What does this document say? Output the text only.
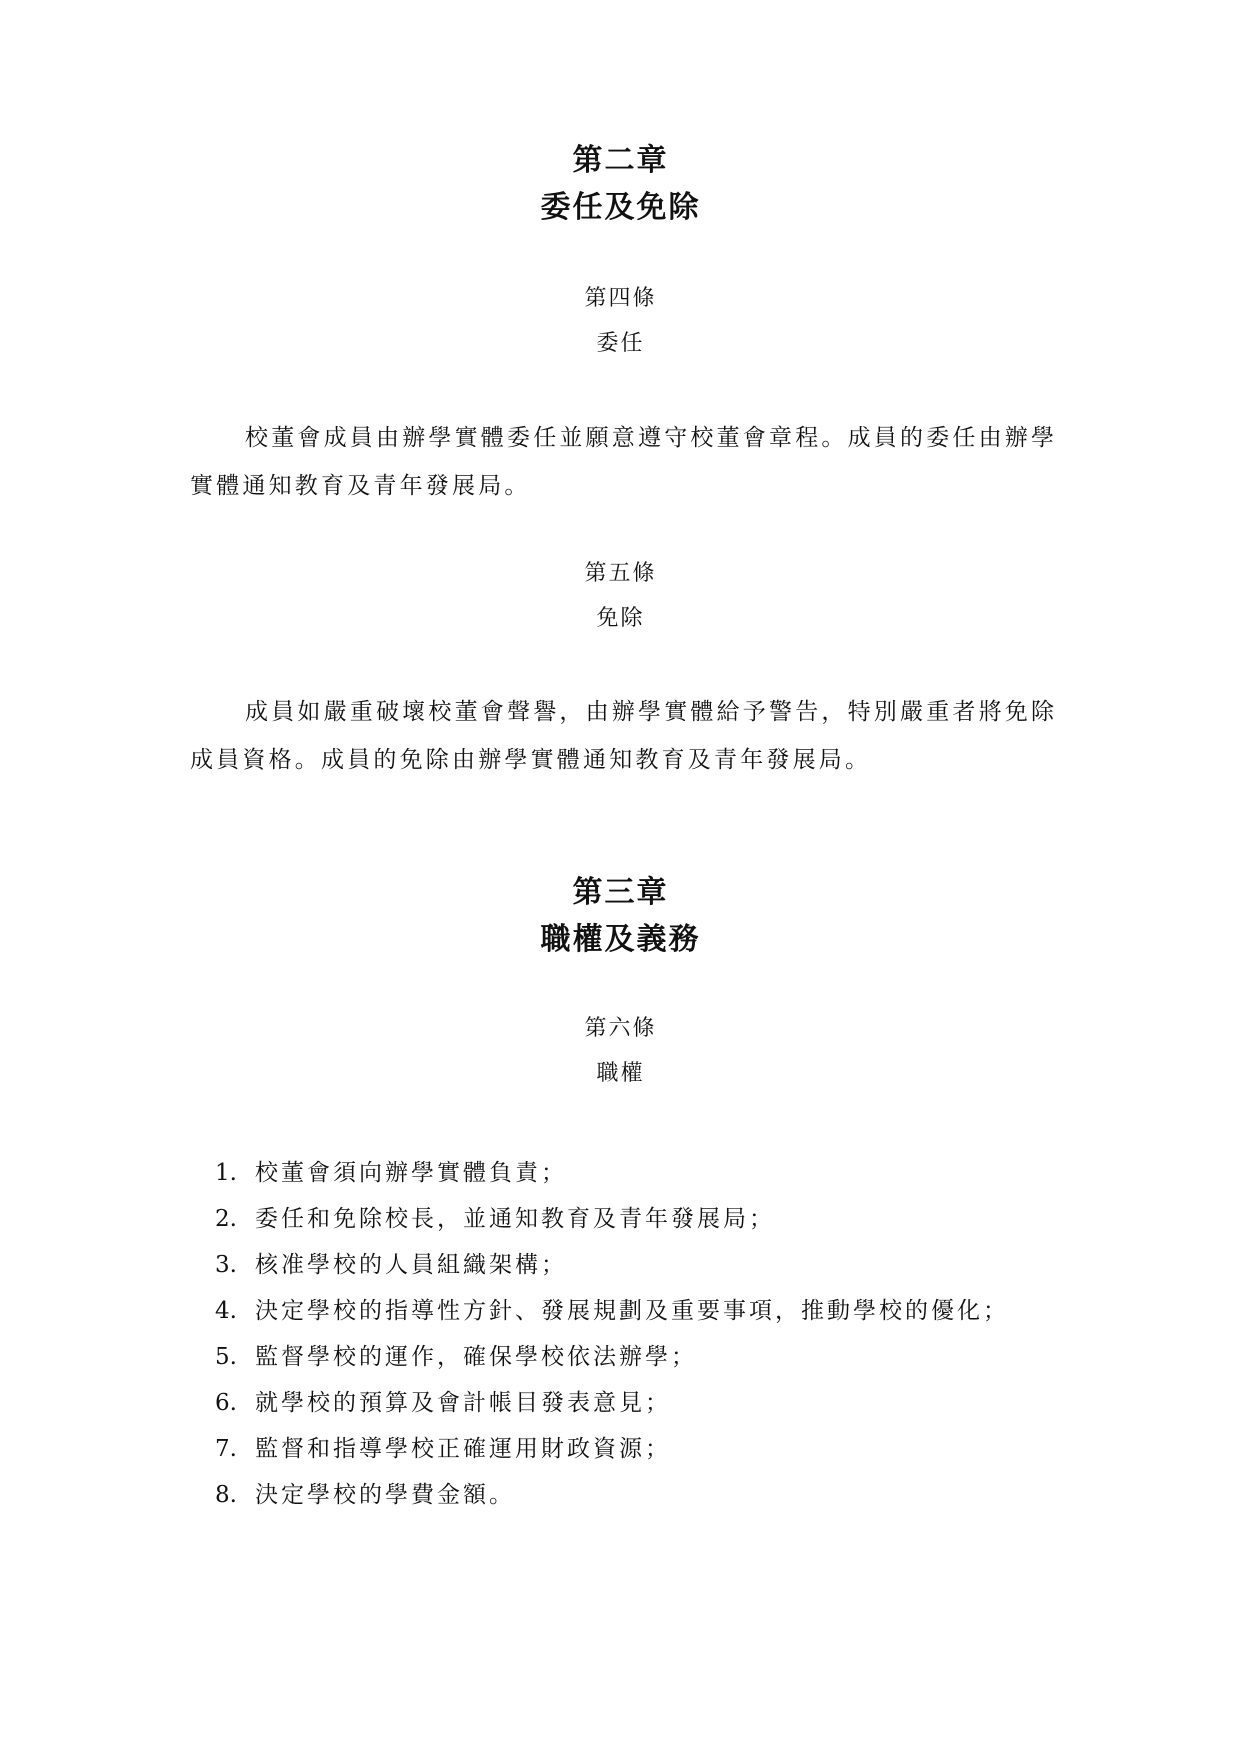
第二章
委任及免除
第四條
委任

校董會成員由辦學實體委任並願意遵守校董會章程。成員的委任由辦學實體通知教育及青年發展局。

第五條
免除

成員如嚴重破壞校董會聲譽，由辦學實體給予警告，特別嚴重者將免除成員資格。成員的免除由辦學實體通知教育及青年發展局。

第三章
職權及義務
第六條
職權
1. 校董會須向辦學實體負責；
2. 委任和免除校長，並通知教育及青年發展局；
3. 核准學校的人員組織架構；
4. 決定學校的指導性方針、發展規劃及重要事項，推動學校的優化；
5. 監督學校的運作，確保學校依法辦學；
6. 就學校的預算及會計帳目發表意見；
7. 監督和指導學校正確運用財政資源；
8. 決定學校的學費金額。
